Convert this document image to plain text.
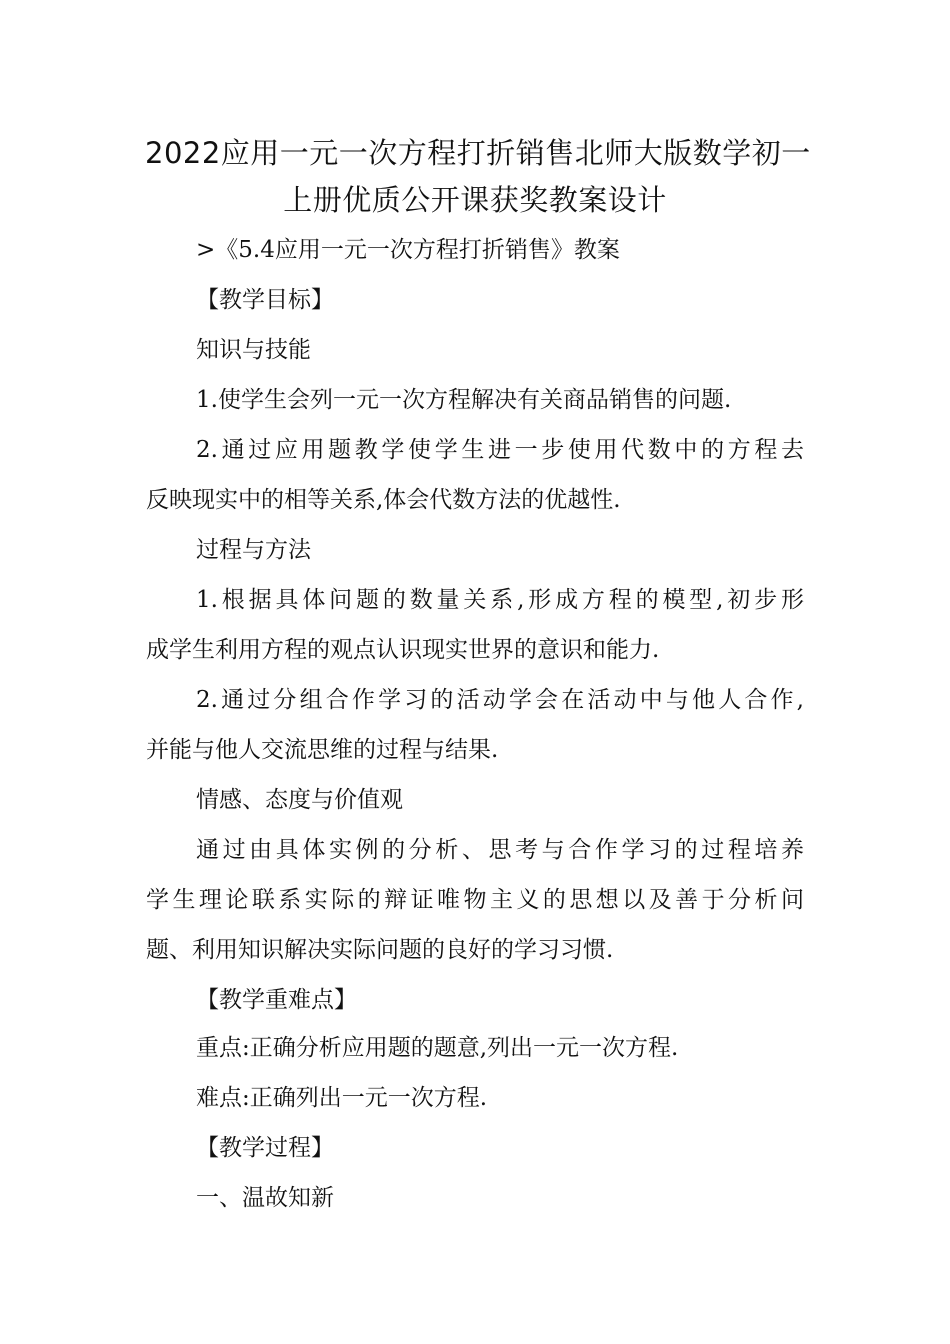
2022应用一元一次方程打折销售北师大版数学初一
上册优质公开课获奖教案设计
>《5.4应用一元一次方程打折销售》教案
【教学目标】
知识与技能
1.使学生会列一元一次方程解决有关商品销售的问题.
2.通过应用题教学使学生进一步使用代数中的方程去
反映现实中的相等关系,体会代数方法的优越性.
过程与方法
1.根据具体问题的数量关系,形成方程的模型,初步形
成学生利用方程的观点认识现实世界的意识和能力.
2.通过分组合作学习的活动学会在活动中与他人合作,
并能与他人交流思维的过程与结果.
情感、态度与价值观
通过由具体实例的分析、思考与合作学习的过程培养
学生理论联系实际的辩证唯物主义的思想以及善于分析问
题、利用知识解决实际问题的良好的学习习惯.
【教学重难点】
重点:正确分析应用题的题意,列出一元一次方程.
难点:正确列出一元一次方程.
【教学过程】
一、温故知新
